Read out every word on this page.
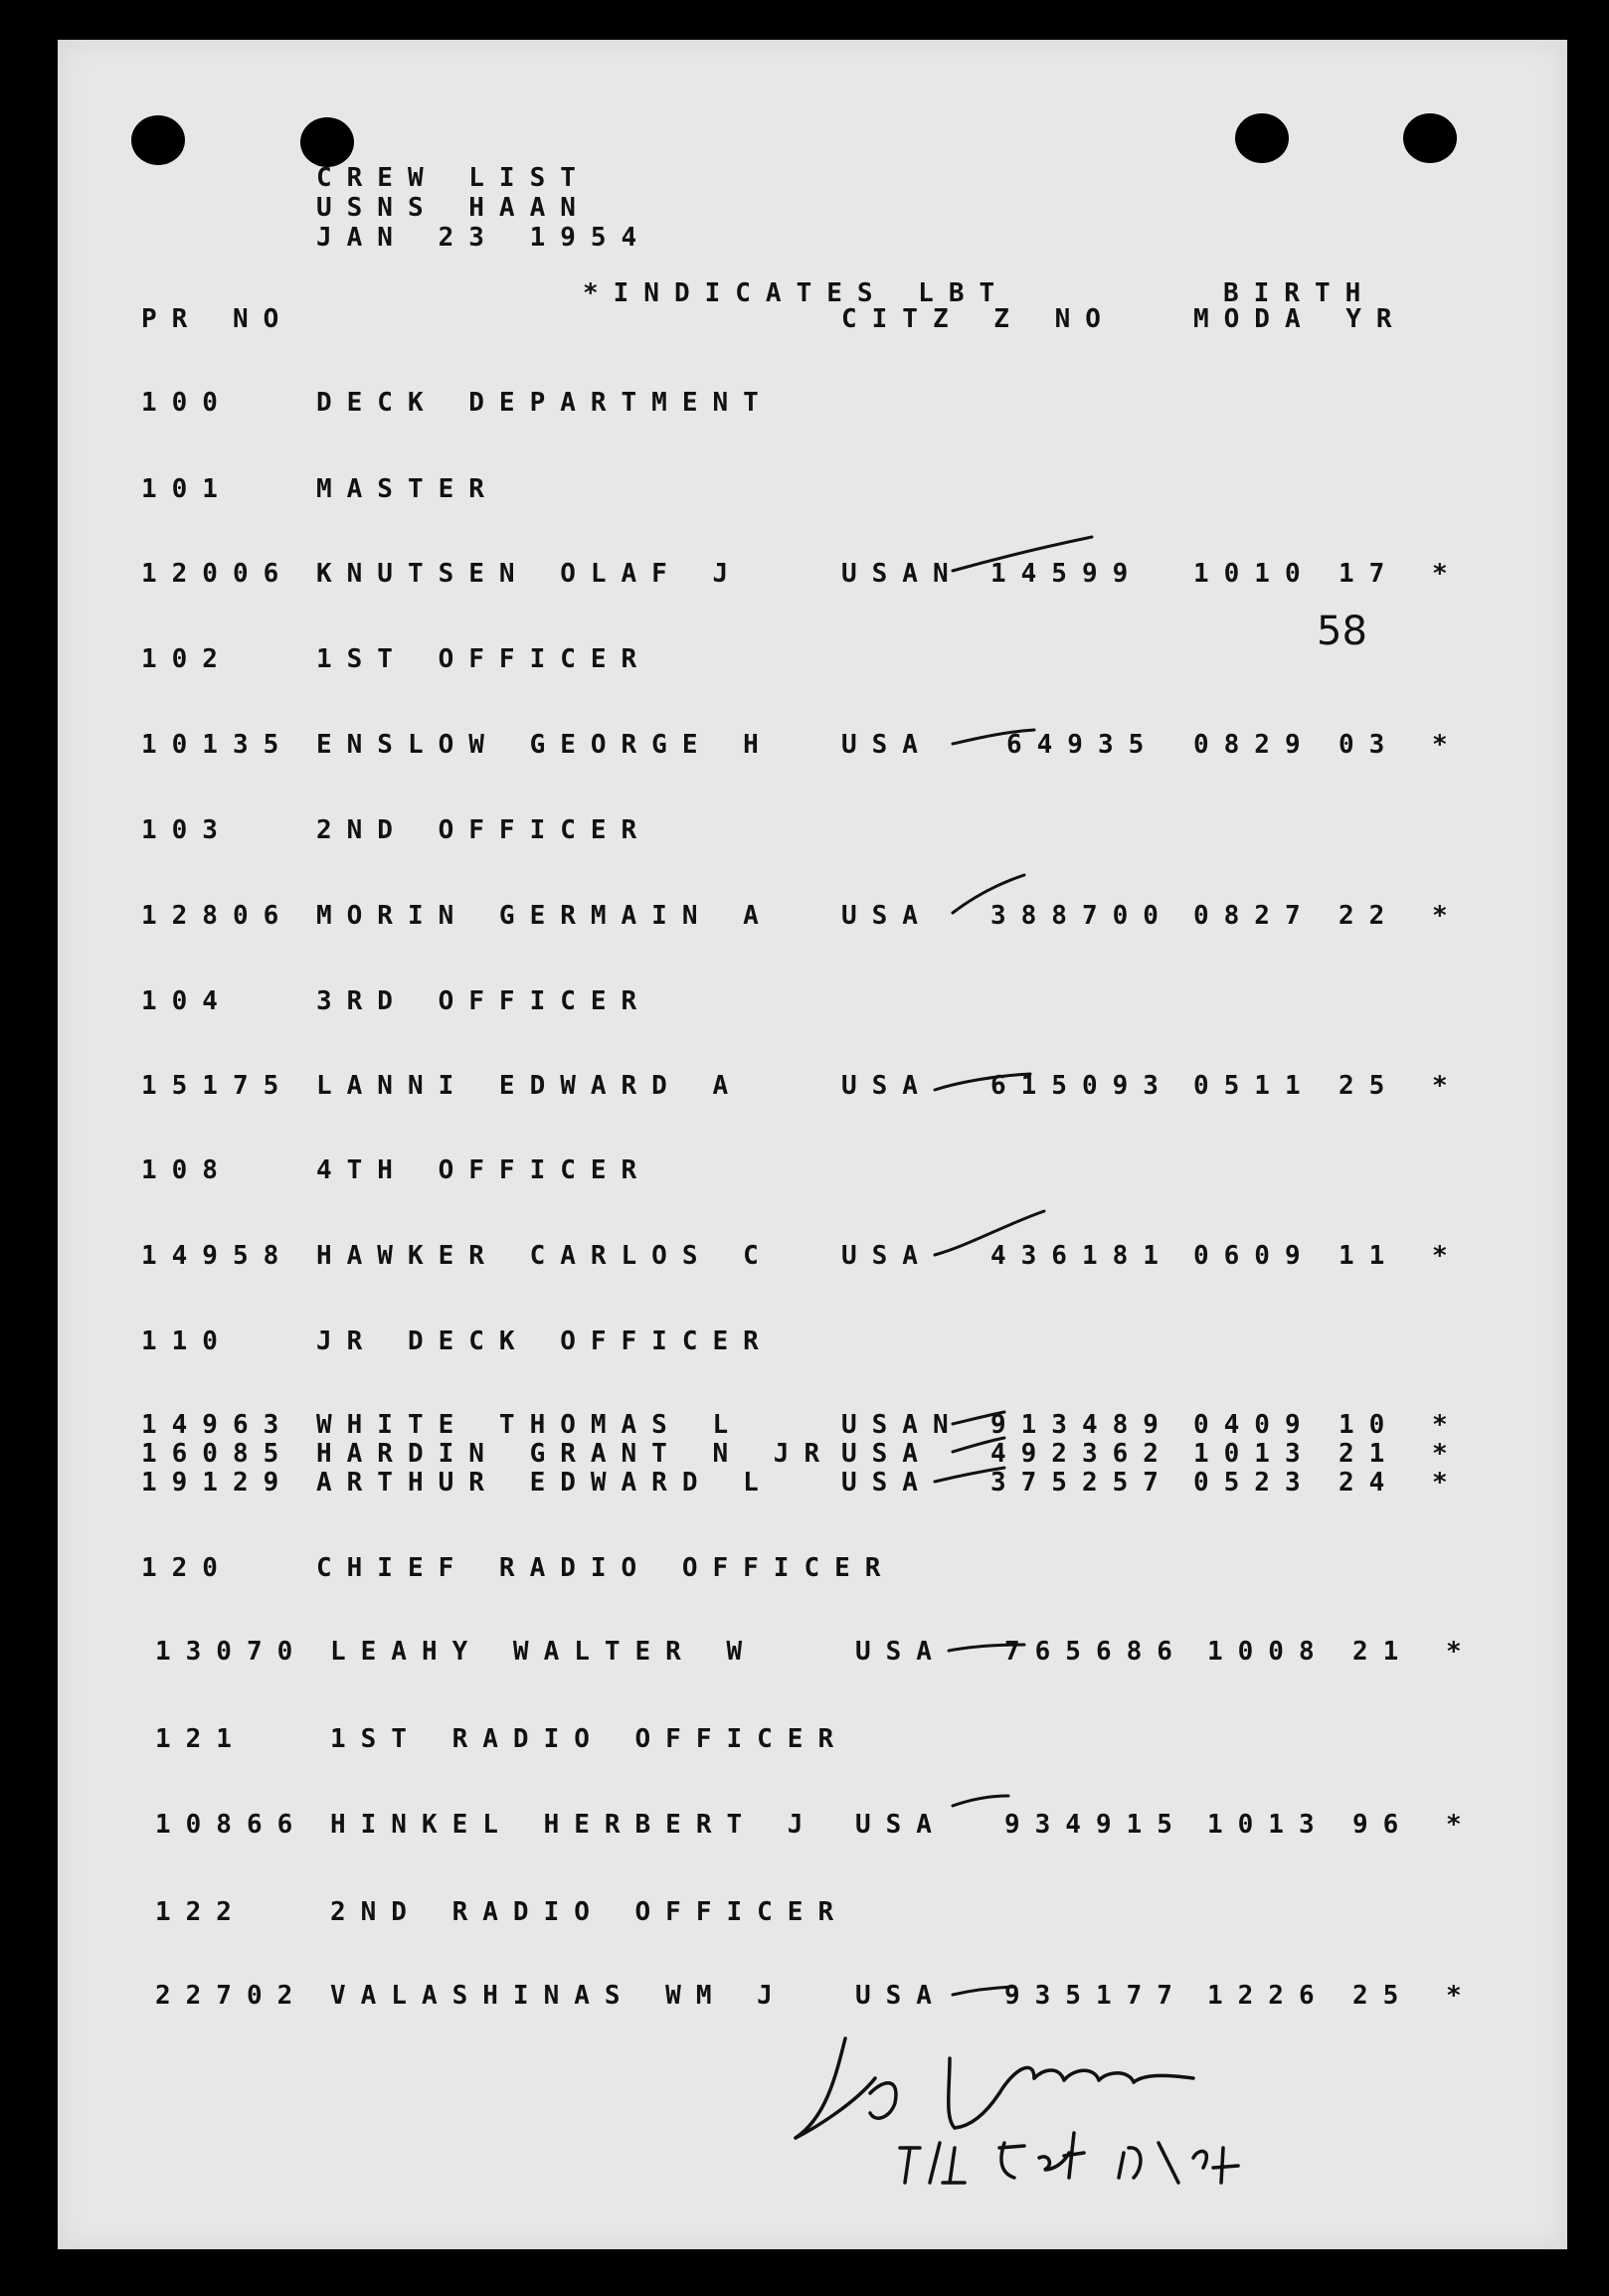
CREW LIST
USNS HAAN
JAN 23 1954
*INDICATES LBT	BIRTH
PR NO	CITZ Z NO	MODA YR
100	DECK DEPARTMENT
101	MASTER
12006 KNUTSEN OLAF J	USAN 14599 1010 17 *
58
102	1ST OFFICER
10135 ENSLOW GEORGE H	USA	64935 0829 03 *
103	2ND OFFICER
12806 MORIN GERMAIN A	USA 388700 0827 22 *
104	3RD OFFICER
15175 LANNI EDWARD A	USA 615093 0511 25 *
108	4TH OFFICER
14958 HAWKER CARLOS C	USA 436181 0609 11 *
110	JR DECK OFFICER
14963 WHITE THOMAS L	USAN 913489 0409 10 *
16085 HARDIN GRANT N JR USA 492362 1013 21 *
19129 ARTHUR EDWARD L	USA 375257 0523 24 *
120	CHIEF RADIO OFFICER
13070 LEAHY WALTER W	USA 765686 1008 21 *
121	1ST RADIO OFFICER
10866 HINKEL HERBERT J USA 934915 1013 96 *
122	2ND RADIO OFFICER
22702 VALASHINAS WM J	USA 935177 1226 25 *
